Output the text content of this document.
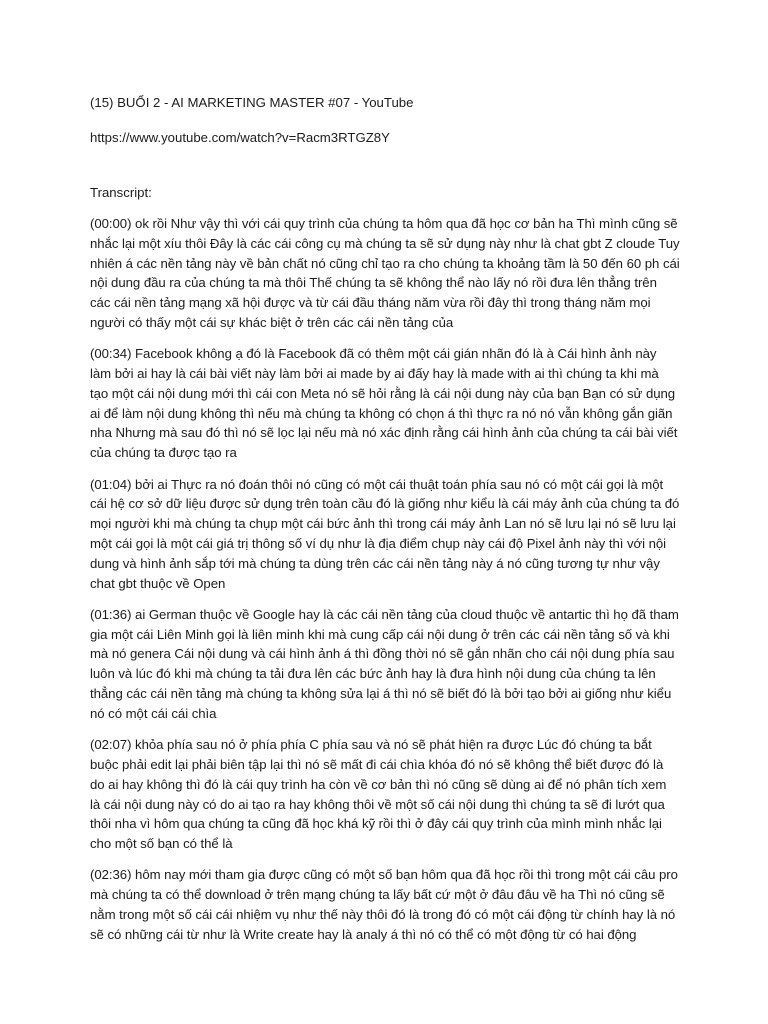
(15) BUỔI 2 - AI MARKETING MASTER #07 - YouTube

https://www.youtube.com/watch?v=Racm3RTGZ8Y

Transcript:

(00:00) ok rồi Như vậy thì với cái quy trình của chúng ta hôm qua đã học cơ bản ha Thì mình cũng sẽ nhắc lại một xíu thôi Đây là các cái công cụ mà chúng ta sẽ sử dụng này như là chat gbt Z cloude Tuy nhiên á các nền tảng này về bản chất nó cũng chỉ tạo ra cho chúng ta khoảng tầm là 50 đến 60 ph cái nội dung đầu ra của chúng ta mà thôi Thế chúng ta sẽ không thể nào lấy nó rồi đưa lên thẳng trên các cái nền tảng mạng xã hội được và từ cái đầu tháng năm vừa rồi đây thì trong tháng năm mọi người có thấy một cái sự khác biệt ở trên các cái nền tảng của

(00:34) Facebook không ạ đó là Facebook đã có thêm một cái gián nhãn đó là à Cái hình ảnh này làm bởi ai hay là cái bài viết này làm bởi ai made by ai đấy hay là made with ai thì chúng ta khi mà tạo một cái nội dung mới thì cái con Meta nó sẽ hỏi rằng là cái nội dung này của bạn Bạn có sử dụng ai để làm nội dung không thì nếu mà chúng ta không có chọn á thì thực ra nó nó vẫn không gắn giãn nha Nhưng mà sau đó thì nó sẽ lọc lại nếu mà nó xác định rằng cái hình ảnh của chúng ta cái bài viết của chúng ta được tạo ra

(01:04) bởi ai Thực ra nó đoán thôi nó cũng có một cái thuật toán phía sau nó có một cái gọi là một cái hệ cơ sở dữ liệu được sử dụng trên toàn cầu đó là giống như kiểu là cái máy ảnh của chúng ta đó mọi người khi mà chúng ta chụp một cái bức ảnh thì trong cái máy ảnh Lan nó sẽ lưu lại nó sẽ lưu lại một cái gọi là một cái giá trị thông số ví dụ như là địa điểm chụp này cái độ Pixel ảnh này thì với nội dung và hình ảnh sắp tới mà chúng ta dùng trên các cái nền tảng này á nó cũng tương tự như vậy chat gbt thuộc về Open

(01:36) ai German thuộc về Google hay là các cái nền tảng của cloud thuộc về antartic thì họ đã tham gia một cái Liên Minh gọi là liên minh khi mà cung cấp cái nội dung ở trên các cái nền tảng số và khi mà nó genera Cái nội dung và cái hình ảnh á thì đồng thời nó sẽ gắn nhãn cho cái nội dung phía sau luôn và lúc đó khi mà chúng ta tải đưa lên các bức ảnh hay là đưa hình nội dung của chúng ta lên thẳng các cái nền tảng mà chúng ta không sửa lại á thì nó sẽ biết đó là bởi tạo bởi ai giống như kiểu nó có một cái cái chìa

(02:07) khỏa phía sau nó ở phía phía C phía sau và nó sẽ phát hiện ra được Lúc đó chúng ta bắt buộc phải edit lại phải biên tập lại thì nó sẽ mất đi cái chìa khóa đó nó sẽ không thể biết được đó là do ai hay không thì đó là cái quy trình ha còn về cơ bản thì nó cũng sẽ dùng ai để nó phân tích xem là cái nội dung này có do ai tạo ra hay không thôi về một số cái nội dung thì chúng ta sẽ đi lướt qua thôi nha vì hôm qua chúng ta cũng đã học khá kỹ rồi thì ở đây cái quy trình của mình mình nhắc lại cho một số bạn có thể là

(02:36) hôm nay mới tham gia được cũng có một số bạn hôm qua đã học rồi thì trong một cái câu pro mà chúng ta có thể download ở trên mạng chúng ta lấy bất cứ một ở đâu đâu về ha Thì nó cũng sẽ nằm trong một số cái cái nhiệm vụ như thế này thôi đó là trong đó có một cái động từ chính hay là nó sẽ có những cái từ như là Write create hay là analy á thì nó có thể có một động từ có hai động
